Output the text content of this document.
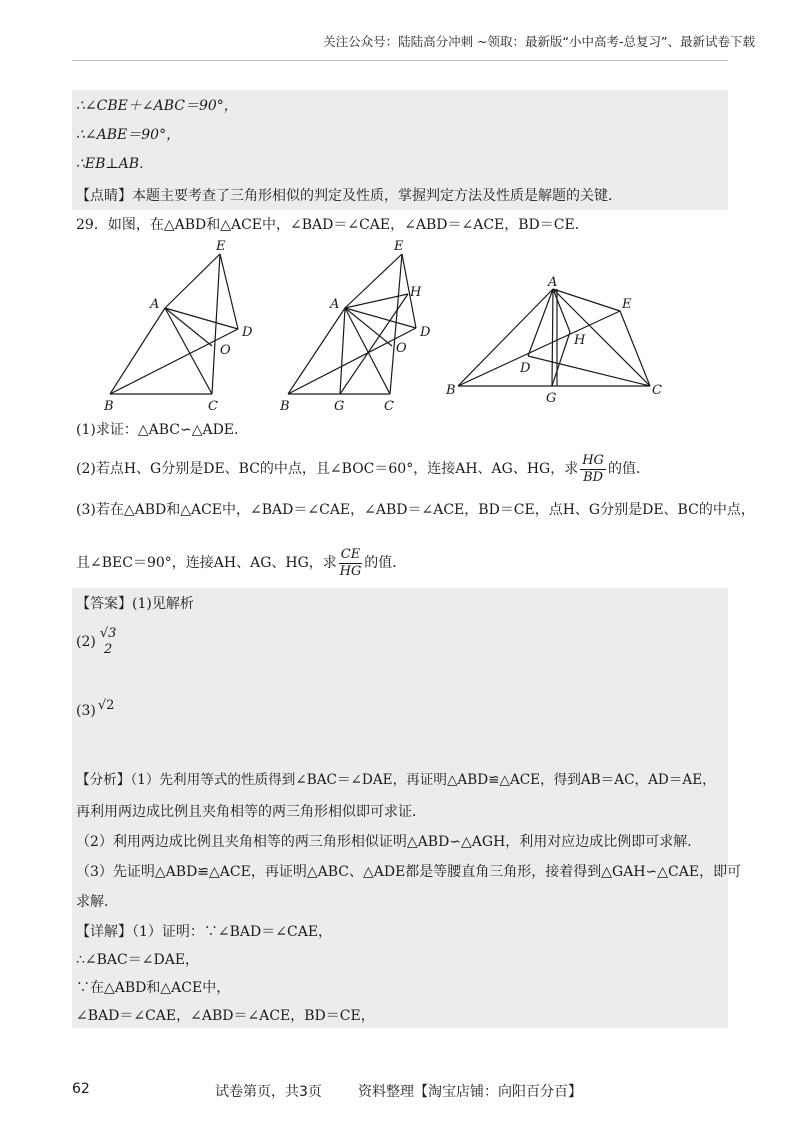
关注公众号：陆陆高分冲刺 ~领取：最新版“小中高考-总复习”、最新试卷下载
∴∠CBE＋∠ABC＝90°，
∴∠ABE＝90°，
∴EB⊥AB．
【点睛】本题主要考查了三角形相似的判定及性质，掌握判定方法及性质是解题的关键．
29．如图，在△ABD和△ACE中，∠BAD＝∠CAE，∠ABD＝∠ACE，BD＝CE．
E
A
D
O
B	C
E
H
A
D
O
B	G	C
A
E
H
D
B
G
C
(1)求证：△ABC∽△ADE．
(2)若点H、G分别是DE、BC的中点，且∠BOC＝60°，连接AH、AG、HG，求 $\frac{HG}{BD}$ 的值．
(3)若在△ABD和△ACE中，∠BAD＝∠CAE，∠ABD＝∠ACE，BD＝CE，点H、G分别是DE、BC的中点，
且∠BEC＝90°，连接AH、AG、HG，求 $\frac{CE}{HG}$ 的值．
【答案】(1)见解析
(2)
√3
2
(3) √2
【分析】（1）先利用等式的性质得到∠BAC＝∠DAE，再证明△ABD≌△ACE，得到AB＝AC，AD＝AE，
再利用两边成比例且夹角相等的两三角形相似即可求证．
（2）利用两边成比例且夹角相等的两三角形相似证明△ABD∽△AGH，利用对应边成比例即可求解．
（3）先证明△ABD≌△ACE，再证明△ABC、△ADE都是等腰直角三角形，接着得到△GAH∽△CAE，即可
求解．
【详解】（1）证明：∵∠BAD＝∠CAE，
∴∠BAC＝∠DAE，
∵在△ABD和△ACE中，
∠BAD＝∠CAE，∠ABD＝∠ACE，BD＝CE，
62	试卷第页，共3页	资料整理【淘宝店铺：向阳百分百】
